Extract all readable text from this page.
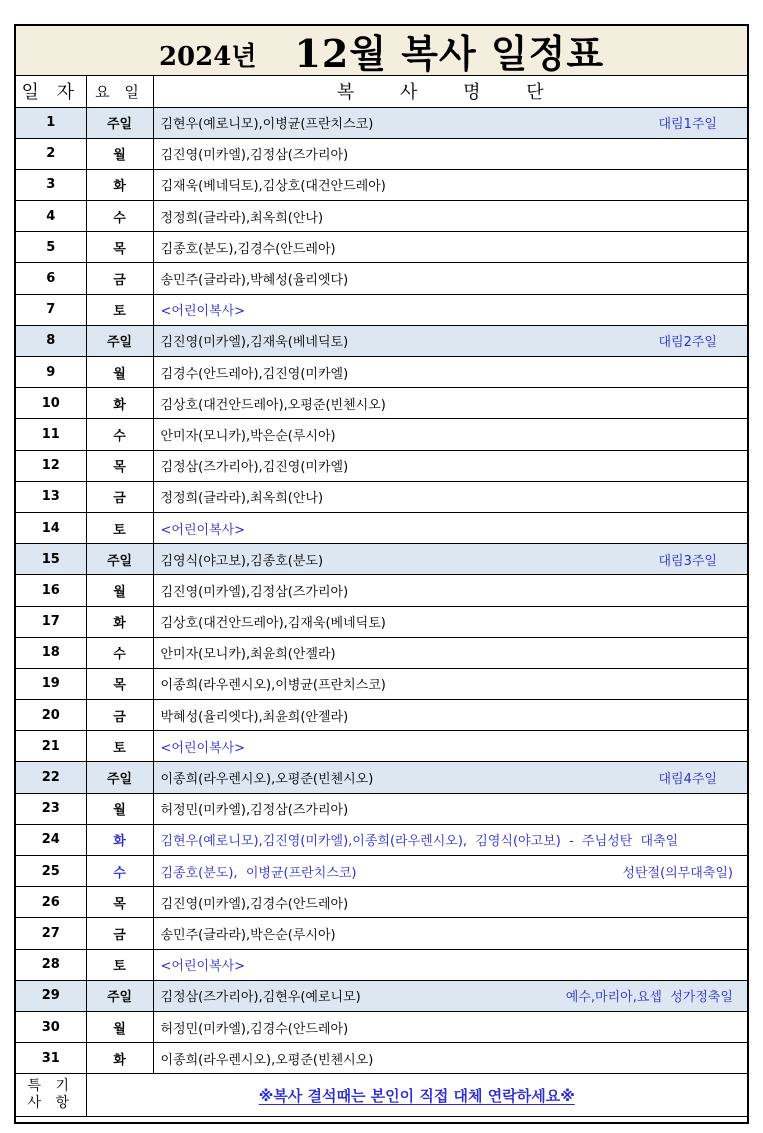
2024년 12월 복사 일정표
일 자	요 일	복 사 명 단
1	주일	김현우(예로니모),이병균(프란치스코) 대림1주일

2	월	김진영(미카엘),김정삼(즈가리아)
3	화	김재욱(베네딕토),김상호(대건안드레아)
4	수	정정희(글라라),최옥희(안나)
5	목	김종호(분도),김경수(안드레아)
6	금	송민주(글라라),박혜성(율리엣다)
7	토	<어린이복사>
8	주일	김진영(미카엘),김재욱(베네딕토) 대림2주일

9	월	김경수(안드레아),김진영(미카엘)
10	화	김상호(대건안드레아),오평준(빈첸시오)
11	수	안미자(모니카),박은순(루시아)
12	목	김정삼(즈가리아),김진영(미카엘)
13	금	정정희(글라라),최옥희(안나)
14	토	<어린이복사>
15	주일	김영식(야고보),김종호(분도) 대림3주일

16	월	김진영(미카엘),김정삼(즈가리아)
17	화	김상호(대건안드레아),김재욱(베네딕토)
18	수	안미자(모니카),최윤희(안젤라)
19	목	이종희(라우렌시오),이병균(프란치스코)
20	금	박혜성(율리엣다),최윤희(안젤라)
21	토	<어린이복사>
22	주일	이종희(라우렌시오),오평준(빈첸시오) 대림4주일

23	월	허정민(미카엘),김정삼(즈가리아)
24	화	김현우(예로니모),김진영(미카엘),이종희(라우렌시오),  김영식(야고보)  -  주님성탄  대축일
25	수	김종호(분도),  이병균(프란치스코) 성탄절(의무대축일)

26	목	김진영(미카엘),김경수(안드레아)
27	금	송민주(글라라),박은순(루시아)
28	토	<어린이복사>
29	주일	김정삼(즈가리아),김현우(예로니모) 예수,마리아,요셉  성가정축일

30	월	허정민(미카엘),김경수(안드레아)
31	화	이종희(라우렌시오),오평준(빈첸시오)

특 기
사 항	※복사 결석때는 본인이 직접 대체 연락하세요※	
